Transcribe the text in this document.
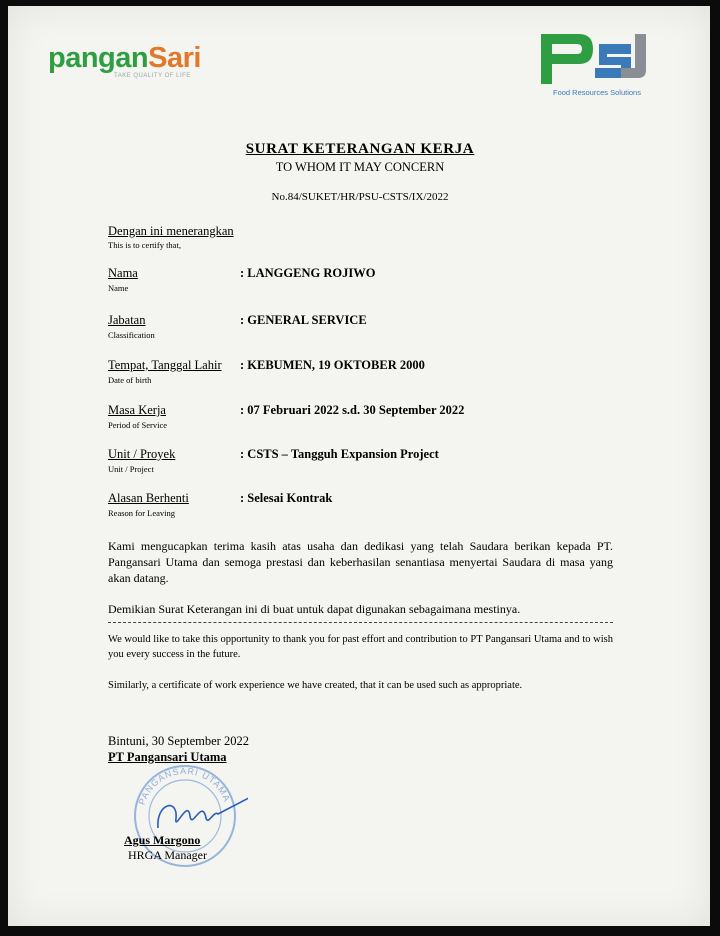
panganSari
TAKE QUALITY OF LIFE
Food Resources Solutions
SURAT KETERANGAN KERJA
TO WHOM IT MAY CONCERN
No.84/SUKET/HR/PSU-CSTS/IX/2022
Dengan ini menerangkan
This is to certify that,
Nama
Name
: LANGGENG ROJIWO
Jabatan
Classification
: GENERAL SERVICE
Tempat, Tanggal Lahir
Date of birth
: KEBUMEN, 19 OKTOBER 2000
Masa Kerja
Period of Service
: 07 Februari 2022 s.d. 30 September 2022
Unit / Proyek
Unit / Project
: CSTS – Tangguh Expansion Project
Alasan Berhenti
Reason for Leaving
: Selesai Kontrak
Kami mengucapkan terima kasih atas usaha dan dedikasi yang telah Saudara berikan kepada PT. Pangansari Utama dan semoga prestasi dan keberhasilan senantiasa menyertai Saudara di masa yang akan datang.
Demikian Surat Keterangan ini di buat untuk dapat digunakan sebagaimana mestinya.
We would like to take this opportunity to thank you for past effort and contribution to PT Pangansari Utama and to wish you every success in the future.
Similarly, a certificate of work experience we have created, that it can be used such as appropriate.
Bintuni, 30 September 2022
PT Pangansari Utama
PANGANSARI UTAMA
Agus Margono
HRGA Manager
